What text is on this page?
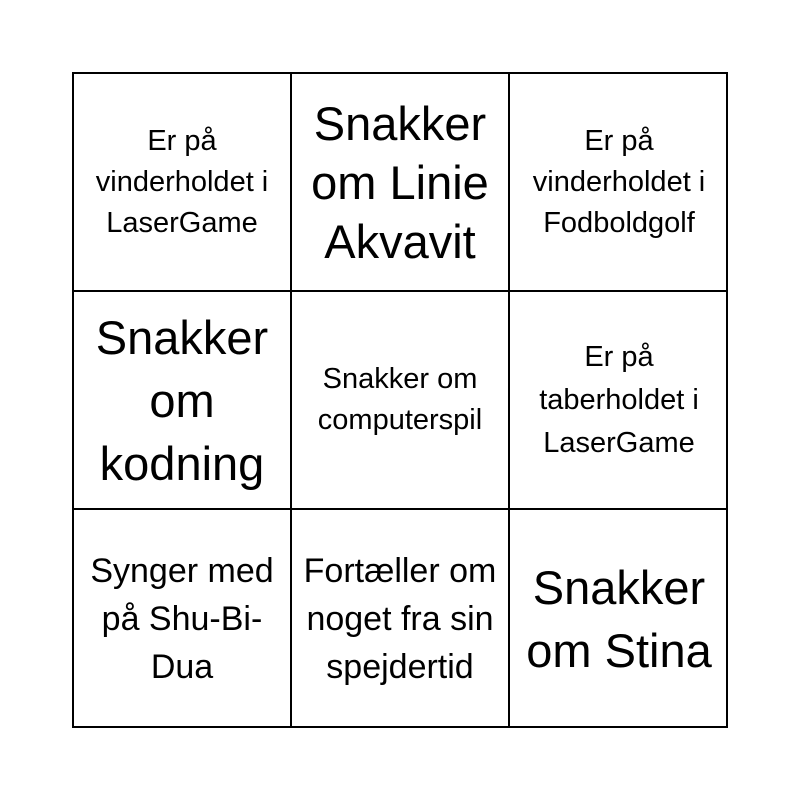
Er på vinderholdet i LaserGame
Snakker om Linie Akvavit
Er på vinderholdet i Fodboldgolf
Snakker om kodning
Snakker om computerspil
Er på taberholdet i LaserGame
Synger med på Shu-Bi-Dua
Fortæller om noget fra sin spejdertid
Snakker om Stina
